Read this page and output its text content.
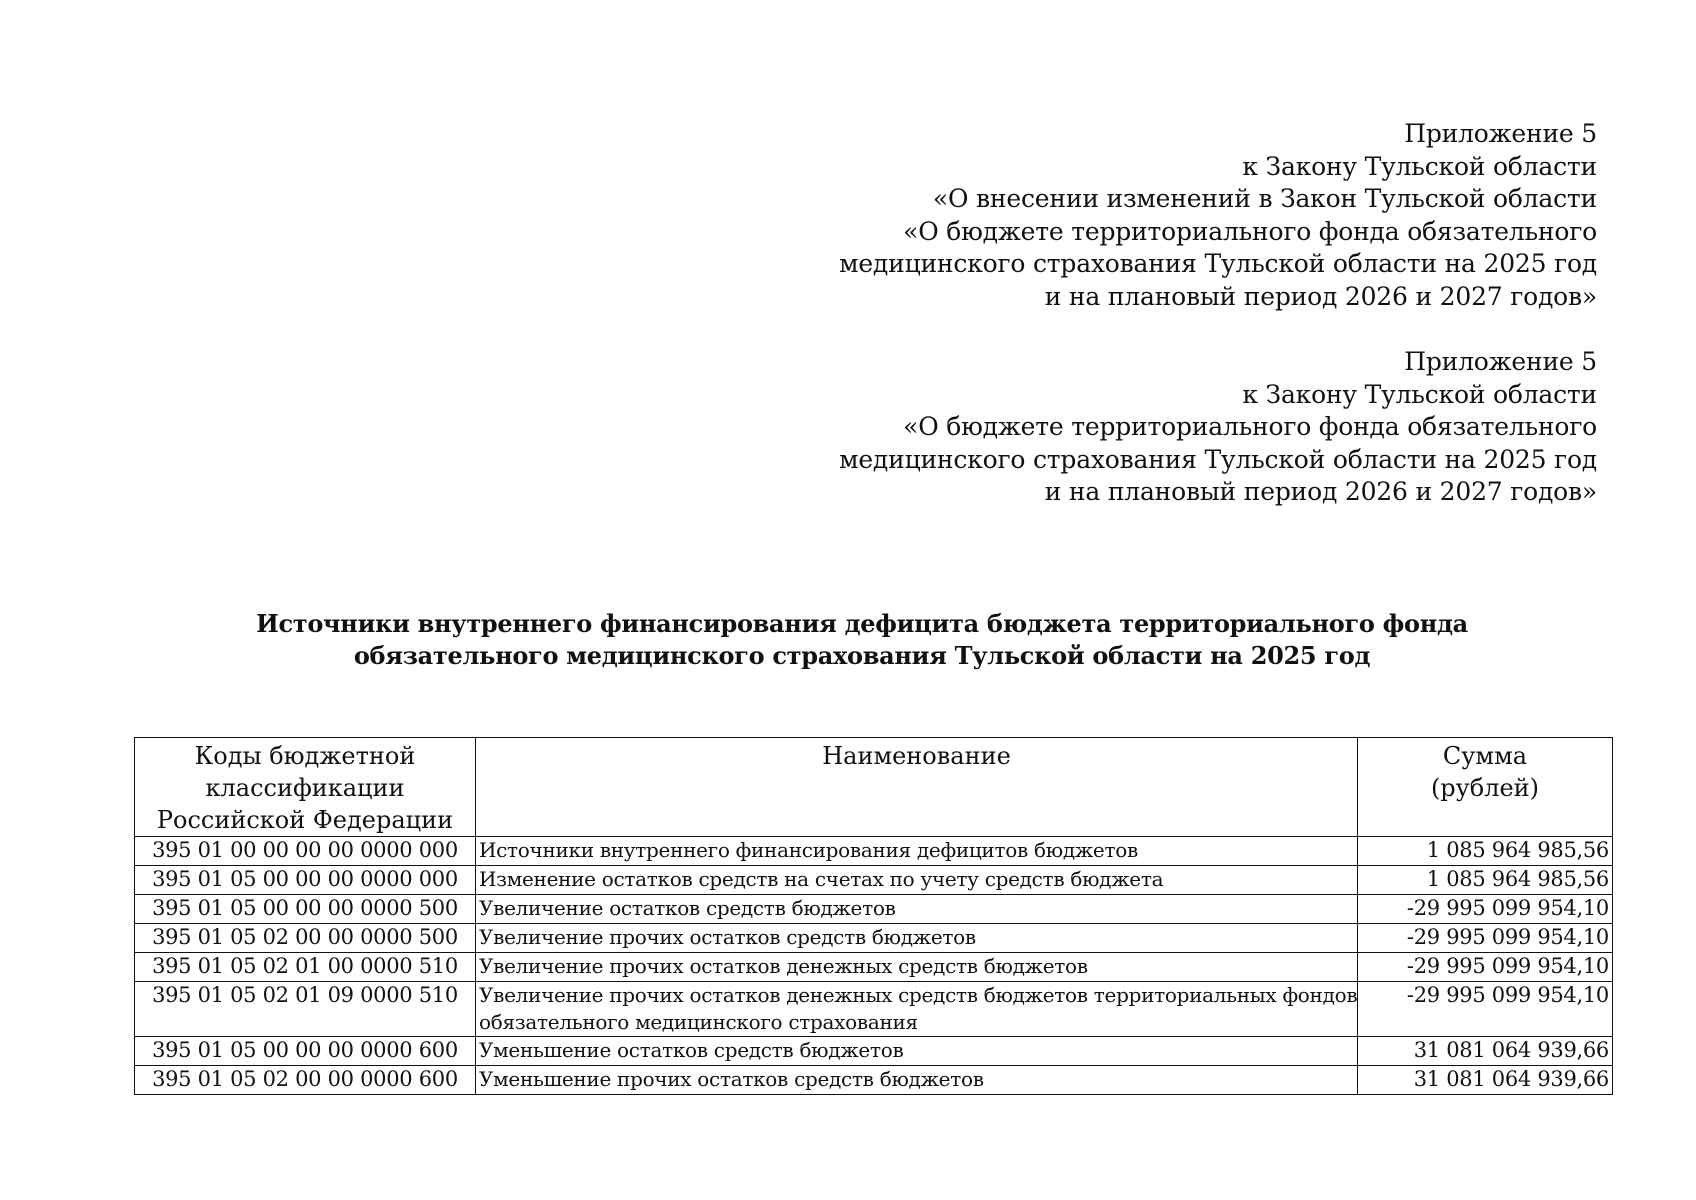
Приложение 5
к Закону Тульской области
«О внесении изменений в Закон Тульской области
«О бюджете территориального фонда обязательного
медицинского страхования Тульской области на 2025 год
и на плановый период 2026 и 2027 годов»
Приложение 5
к Закону Тульской области
«О бюджете территориального фонда обязательного
медицинского страхования Тульской области на 2025 год
и на плановый период 2026 и 2027 годов»
Источники внутреннего финансирования дефицита бюджета территориального фонда
обязательного медицинского страхования Тульской области на 2025 год
Коды бюджетной
классификации
Российской Федерации	Наименование	Сумма
(рублей)

395 01 00 00 00 00 0000 000	Источники внутреннего финансирования дефицитов бюджетов	1 085 964 985,56
395 01 05 00 00 00 0000 000	Изменение остатков средств на счетах по учету средств бюджета	1 085 964 985,56
395 01 05 00 00 00 0000 500	Увеличение остатков средств бюджетов	-29 995 099 954,10
395 01 05 02 00 00 0000 500	Увеличение прочих остатков средств бюджетов	-29 995 099 954,10
395 01 05 02 01 00 0000 510	Увеличение прочих остатков денежных средств бюджетов	-29 995 099 954,10
395 01 05 02 01 09 0000 510	Увеличение прочих остатков денежных средств бюджетов территориальных фондов
обязательного медицинского страхования	-29 995 099 954,10
395 01 05 00 00 00 0000 600	Уменьшение остатков средств бюджетов	31 081 064 939,66
395 01 05 02 00 00 0000 600	Уменьшение прочих остатков средств бюджетов	31 081 064 939,66
